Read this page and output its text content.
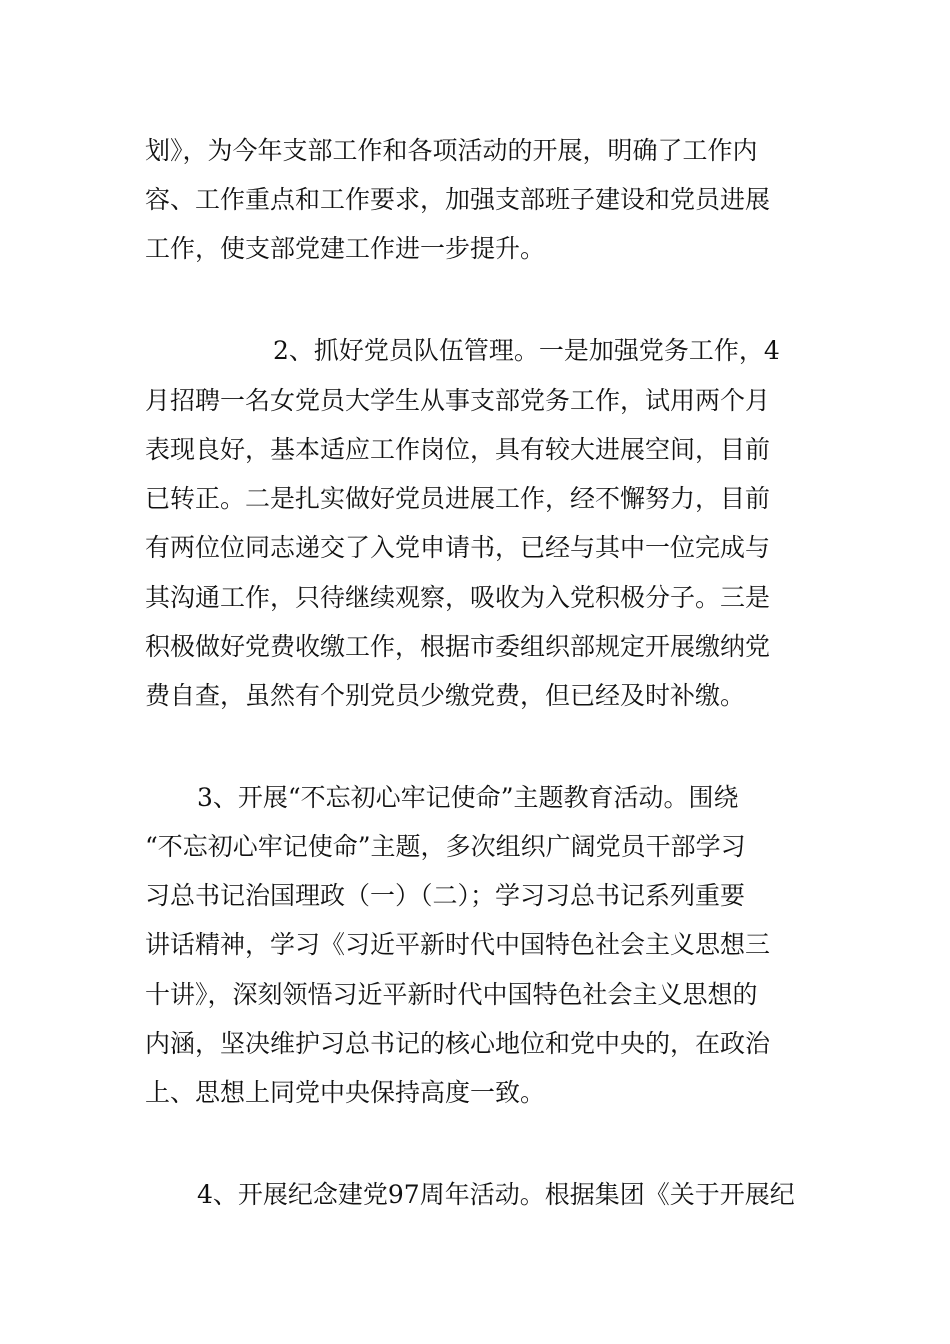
划》，为今年支部工作和各项活动的开展，明确了工作内
容、工作重点和工作要求，加强支部班子建设和党员进展
工作，使支部党建工作进一步提升。
2、抓好党员队伍管理。一是加强党务工作，4
月招聘一名女党员大学生从事支部党务工作，试用两个月
表现良好，基本适应工作岗位，具有较大进展空间，目前
已转正。二是扎实做好党员进展工作，经不懈努力，目前
有两位位同志递交了入党申请书，已经与其中一位完成与
其沟通工作，只待继续观察，吸收为入党积极分子。三是
积极做好党费收缴工作，根据市委组织部规定开展缴纳党
费自查，虽然有个别党员少缴党费，但已经及时补缴。
3、开展“不忘初心牢记使命”主题教育活动。围绕
“不忘初心牢记使命”主题，多次组织广阔党员干部学习
习总书记治国理政（一）（二）；学习习总书记系列重要
讲话精神，学习《习近平新时代中国特色社会主义思想三
十讲》，深刻领悟习近平新时代中国特色社会主义思想的
内涵，坚决维护习总书记的核心地位和党中央的，在政治
上、思想上同党中央保持高度一致。
4、开展纪念建党97周年活动。根据集团《关于开展纪
